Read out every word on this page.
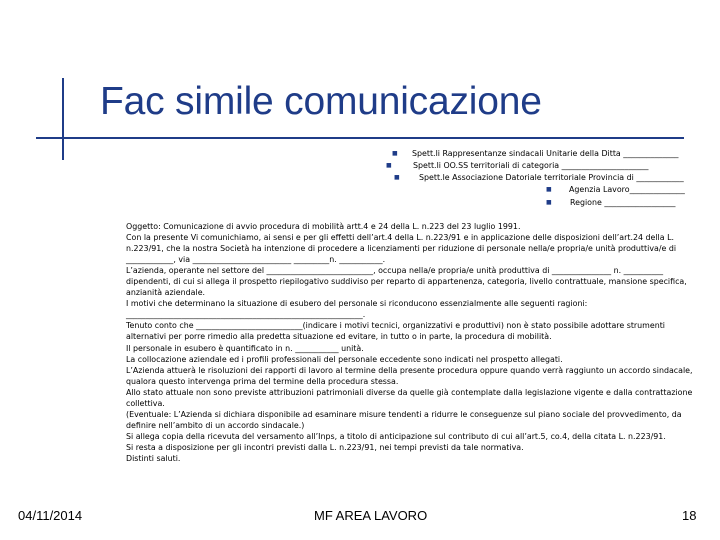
Fac simile comunicazione
■ Spett.li Rappresentanze sindacali Unitarie della Ditta ______________
■	Spett.li OO.SS territoriali di categoria ______________________
■ Spett.le Associazione Datoriale territoriale Provincia di ____________
■ Agenzia Lavoro______________
■ Regione __________________

Oggetto: Comunicazione di avvio procedura di mobilità artt.4 e 24 della L. n.223 del 23 luglio 1991.

Con la presente Vi comunichiamo, ai sensi e per gli effetti dell’art.4 della L. n.223/91 e in applicazione delle disposizioni dell’art.24 della L. n.223/91, che la nostra Società ha intenzione di procedere a licenziamenti per riduzione di personale nella/e propria/e unità produttiva/e di ____________, via _________________________ _________n. ___________.

L’azienda, operante nel settore del ___________________________, occupa nella/e propria/e unità produttiva di _______________ n. __________ dipendenti, di cui si allega il prospetto riepilogativo suddiviso per reparto di appartenenza, categoria, livello contrattuale, mansione specifica, anzianità aziendale.

I motivi che determinano la situazione di esubero del personale si riconducono essenzialmente alle seguenti ragioni: ____________________________________________________________.

Tenuto conto che ___________________________(indicare i motivi tecnici, organizzativi e produttivi) non è stato possibile adottare strumenti alternativi per porre rimedio alla predetta situazione ed evitare, in tutto o in parte, la procedura di mobilità.

Il personale in esubero è quantificato in n. ___________ unità.

La collocazione aziendale ed i profili professionali del personale eccedente sono indicati nel prospetto allegati.

L’Azienda attuerà le risoluzioni dei rapporti di lavoro al termine della presente procedura oppure quando verrà raggiunto un accordo sindacale, qualora questo intervenga prima del termine della procedura stessa.

Allo stato attuale non sono previste attribuzioni patrimoniali diverse da quelle già contemplate dalla legislazione vigente e dalla contrattazione collettiva.

(Eventuale: L’Azienda si dichiara disponibile ad esaminare misure tendenti a ridurre le conseguenze sul piano sociale del provvedimento, da definire nell’ambito di un accordo sindacale.)

Si allega copia della ricevuta del versamento all’Inps, a titolo di anticipazione sul contributo di cui all’art.5, co.4, della citata L. n.223/91.

Si resta a disposizione per gli incontri previsti dalla L. n.223/91, nei tempi previsti da tale normativa.

Distinti saluti.

04/11/2014	MF AREA LAVORO	18
